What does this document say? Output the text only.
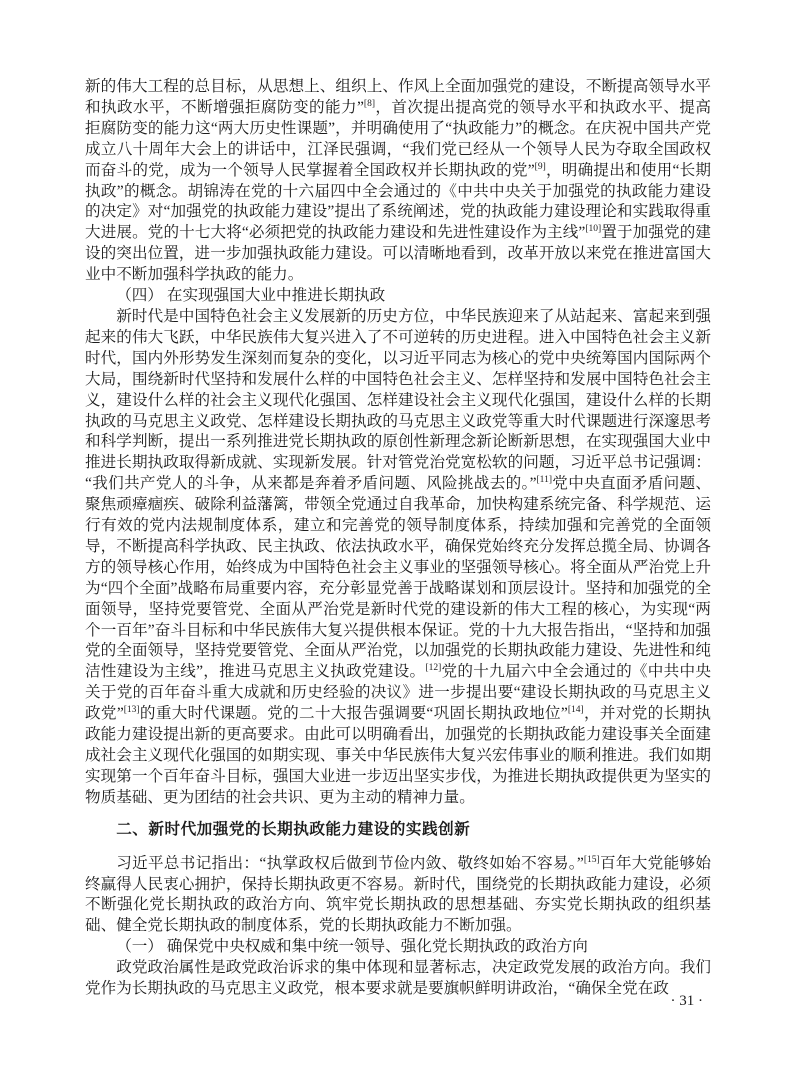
新的伟大工程的总目标，从思想上、组织上、作风上全面加强党的建设，不断提高领导水平和执政水平，不断增强拒腐防变的能力”[8]，首次提出提高党的领导水平和执政水平、提高拒腐防变的能力这“两大历史性课题”，并明确使用了“执政能力”的概念。在庆祝中国共产党成立八十周年大会上的讲话中，江泽民强调，“我们党已经从一个领导人民为夺取全国政权而奋斗的党，成为一个领导人民掌握着全国政权并长期执政的党”[9]，明确提出和使用“长期执政”的概念。胡锦涛在党的十六届四中全会通过的《中共中央关于加强党的执政能力建设的决定》对“加强党的执政能力建设”提出了系统阐述，党的执政能力建设理论和实践取得重大进展。党的十七大将“必须把党的执政能力建设和先进性建设作为主线”[10]置于加强党的建设的突出位置，进一步加强执政能力建设。可以清晰地看到，改革开放以来党在推进富国大业中不断加强科学执政的能力。

（四） 在实现强国大业中推进长期执政

新时代是中国特色社会主义发展新的历史方位，中华民族迎来了从站起来、富起来到强起来的伟大飞跃，中华民族伟大复兴进入了不可逆转的历史进程。进入中国特色社会主义新时代，国内外形势发生深刻而复杂的变化，以习近平同志为核心的党中央统筹国内国际两个大局，围绕新时代坚持和发展什么样的中国特色社会主义、怎样坚持和发展中国特色社会主义，建设什么样的社会主义现代化强国、怎样建设社会主义现代化强国，建设什么样的长期执政的马克思主义政党、怎样建设长期执政的马克思主义政党等重大时代课题进行深邃思考和科学判断，提出一系列推进党长期执政的原创性新理念新论断新思想，在实现强国大业中推进长期执政取得新成就、实现新发展。针对管党治党宽松软的问题，习近平总书记强调：“我们共产党人的斗争，从来都是奔着矛盾问题、风险挑战去的。”[11]党中央直面矛盾问题、聚焦顽瘴痼疾、破除利益藩篱，带领全党通过自我革命，加快构建系统完备、科学规范、运行有效的党内法规制度体系，建立和完善党的领导制度体系，持续加强和完善党的全面领导，不断提高科学执政、民主执政、依法执政水平，确保党始终充分发挥总揽全局、协调各方的领导核心作用，始终成为中国特色社会主义事业的坚强领导核心。将全面从严治党上升为“四个全面”战略布局重要内容，充分彰显党善于战略谋划和顶层设计。坚持和加强党的全面领导，坚持党要管党、全面从严治党是新时代党的建设新的伟大工程的核心，为实现“两个一百年”奋斗目标和中华民族伟大复兴提供根本保证。党的十九大报告指出，“坚持和加强党的全面领导，坚持党要管党、全面从严治党，以加强党的长期执政能力建设、先进性和纯洁性建设为主线”，推进马克思主义执政党建设。[12]党的十九届六中全会通过的《中共中央关于党的百年奋斗重大成就和历史经验的决议》进一步提出要“建设长期执政的马克思主义政党”[13]的重大时代课题。党的二十大报告强调要“巩固长期执政地位”[14]，并对党的长期执政能力建设提出新的更高要求。由此可以明确看出，加强党的长期执政能力建设事关全面建成社会主义现代化强国的如期实现、事关中华民族伟大复兴宏伟事业的顺利推进。我们如期实现第一个百年奋斗目标，强国大业进一步迈出坚实步伐，为推进长期执政提供更为坚实的物质基础、更为团结的社会共识、更为主动的精神力量。

二、新时代加强党的长期执政能力建设的实践创新

习近平总书记指出：“执掌政权后做到节俭内敛、敬终如始不容易。”[15]百年大党能够始终赢得人民衷心拥护，保持长期执政更不容易。新时代，围绕党的长期执政能力建设，必须不断强化党长期执政的政治方向、筑牢党长期执政的思想基础、夯实党长期执政的组织基础、健全党长期执政的制度体系，党的长期执政能力不断加强。

（一） 确保党中央权威和集中统一领导、强化党长期执政的政治方向

政党政治属性是政党政治诉求的集中体现和显著标志，决定政党发展的政治方向。我们党作为长期执政的马克思主义政党，根本要求就是要旗帜鲜明讲政治，“确保全党在政

· 31 ·
